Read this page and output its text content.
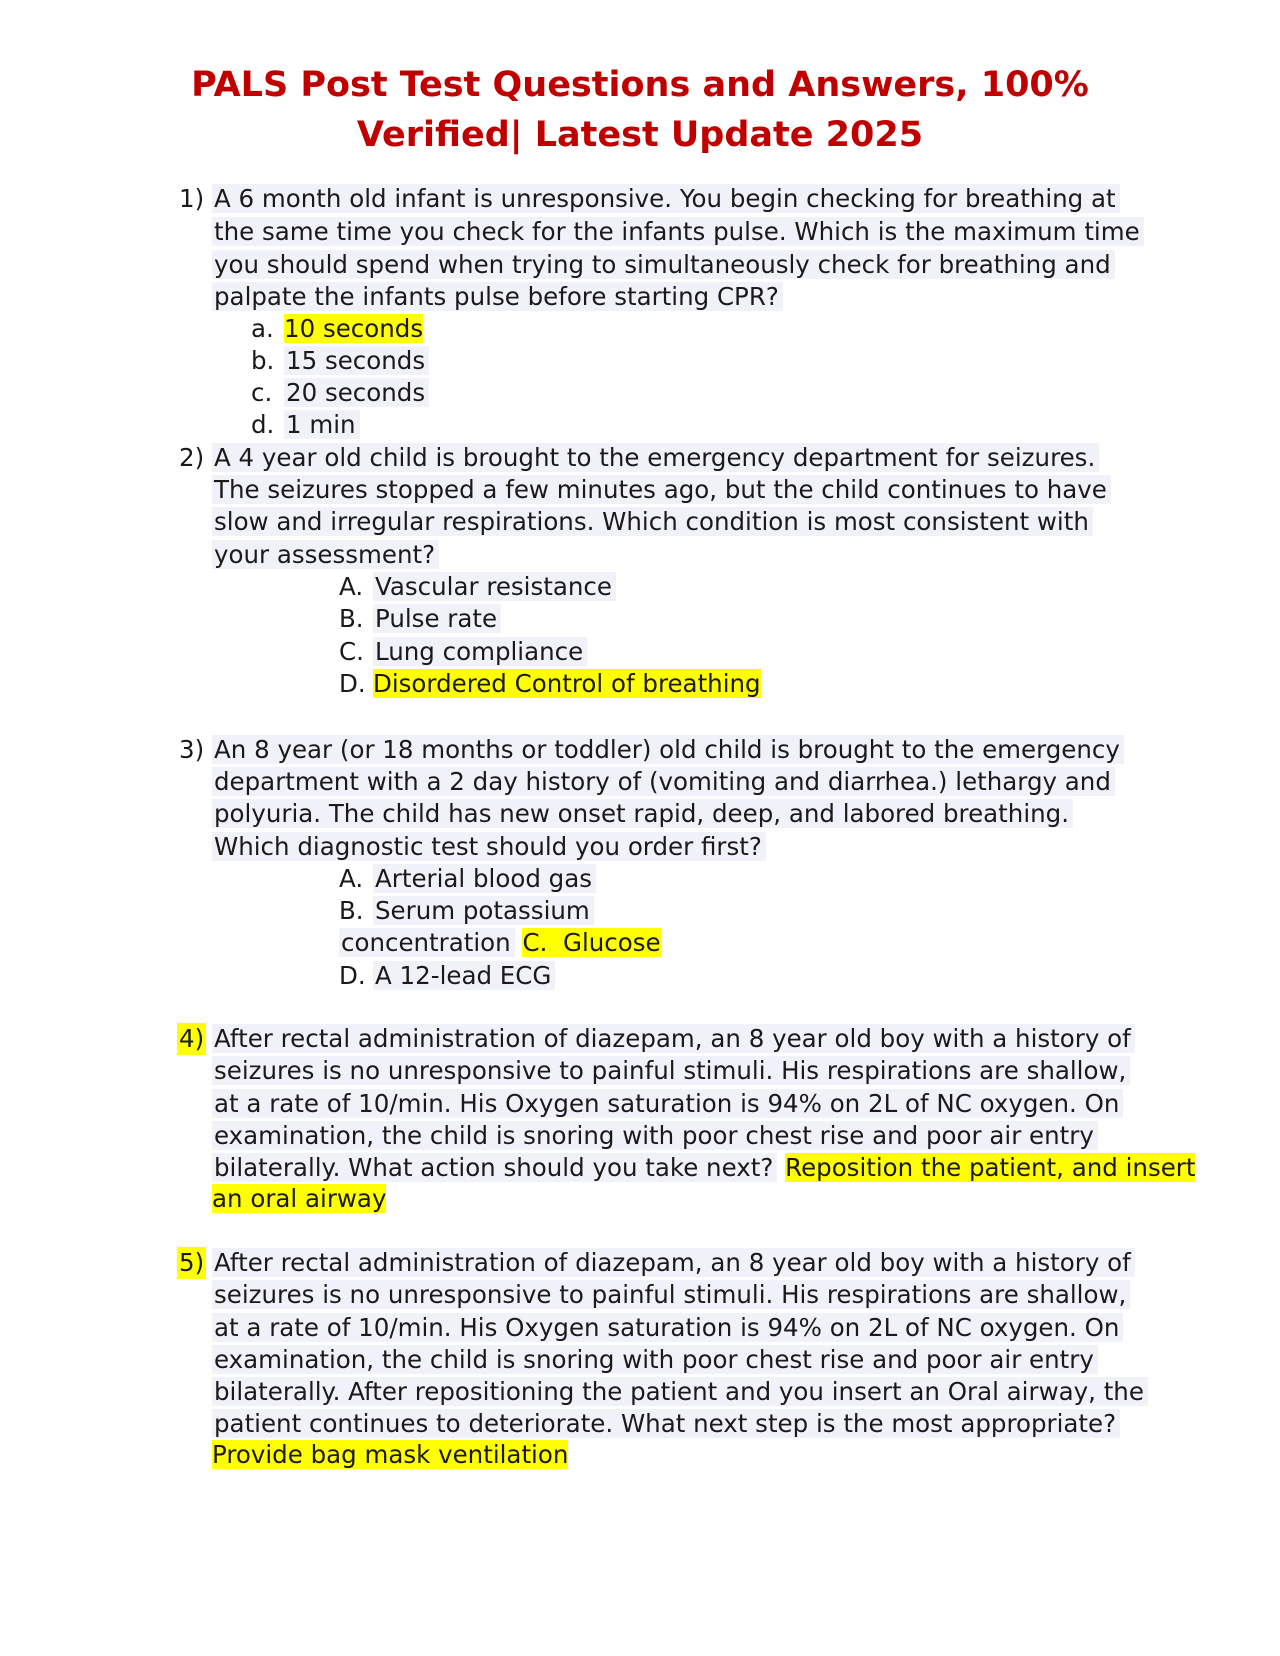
PALS Post Test Questions and Answers, 100%
Verified| Latest Update 2025
1) A 6 month old infant is unresponsive. You begin checking for breathing at
the same time you check for the infants pulse. Which is the maximum time
you should spend when trying to simultaneously check for breathing and
palpate the infants pulse before starting CPR?
a. 10 seconds
b. 15 seconds
c. 20 seconds
d. 1 min
2) A 4 year old child is brought to the emergency department for seizures.
The seizures stopped a few minutes ago, but the child continues to have
slow and irregular respirations. Which condition is most consistent with
your assessment?
A. Vascular resistance
B. Pulse rate
C. Lung compliance
D. Disordered Control of breathing
3) An 8 year (or 18 months or toddler) old child is brought to the emergency
department with a 2 day history of (vomiting and diarrhea.) lethargy and
polyuria. The child has new onset rapid, deep, and labored breathing.
Which diagnostic test should you order first?
A. Arterial blood gas
B. Serum potassium
concentration C. Glucose
D. A 12-lead ECG
4) After rectal administration of diazepam, an 8 year old boy with a history of
seizures is no unresponsive to painful stimuli. His respirations are shallow,
at a rate of 10/min. His Oxygen saturation is 94% on 2L of NC oxygen. On
examination, the child is snoring with poor chest rise and poor air entry
bilaterally. What action should you take next? Reposition the patient, and insert
an oral airway
5) After rectal administration of diazepam, an 8 year old boy with a history of
seizures is no unresponsive to painful stimuli. His respirations are shallow,
at a rate of 10/min. His Oxygen saturation is 94% on 2L of NC oxygen. On
examination, the child is snoring with poor chest rise and poor air entry
bilaterally. After repositioning the patient and you insert an Oral airway, the
patient continues to deteriorate. What next step is the most appropriate?
Provide bag mask ventilation
